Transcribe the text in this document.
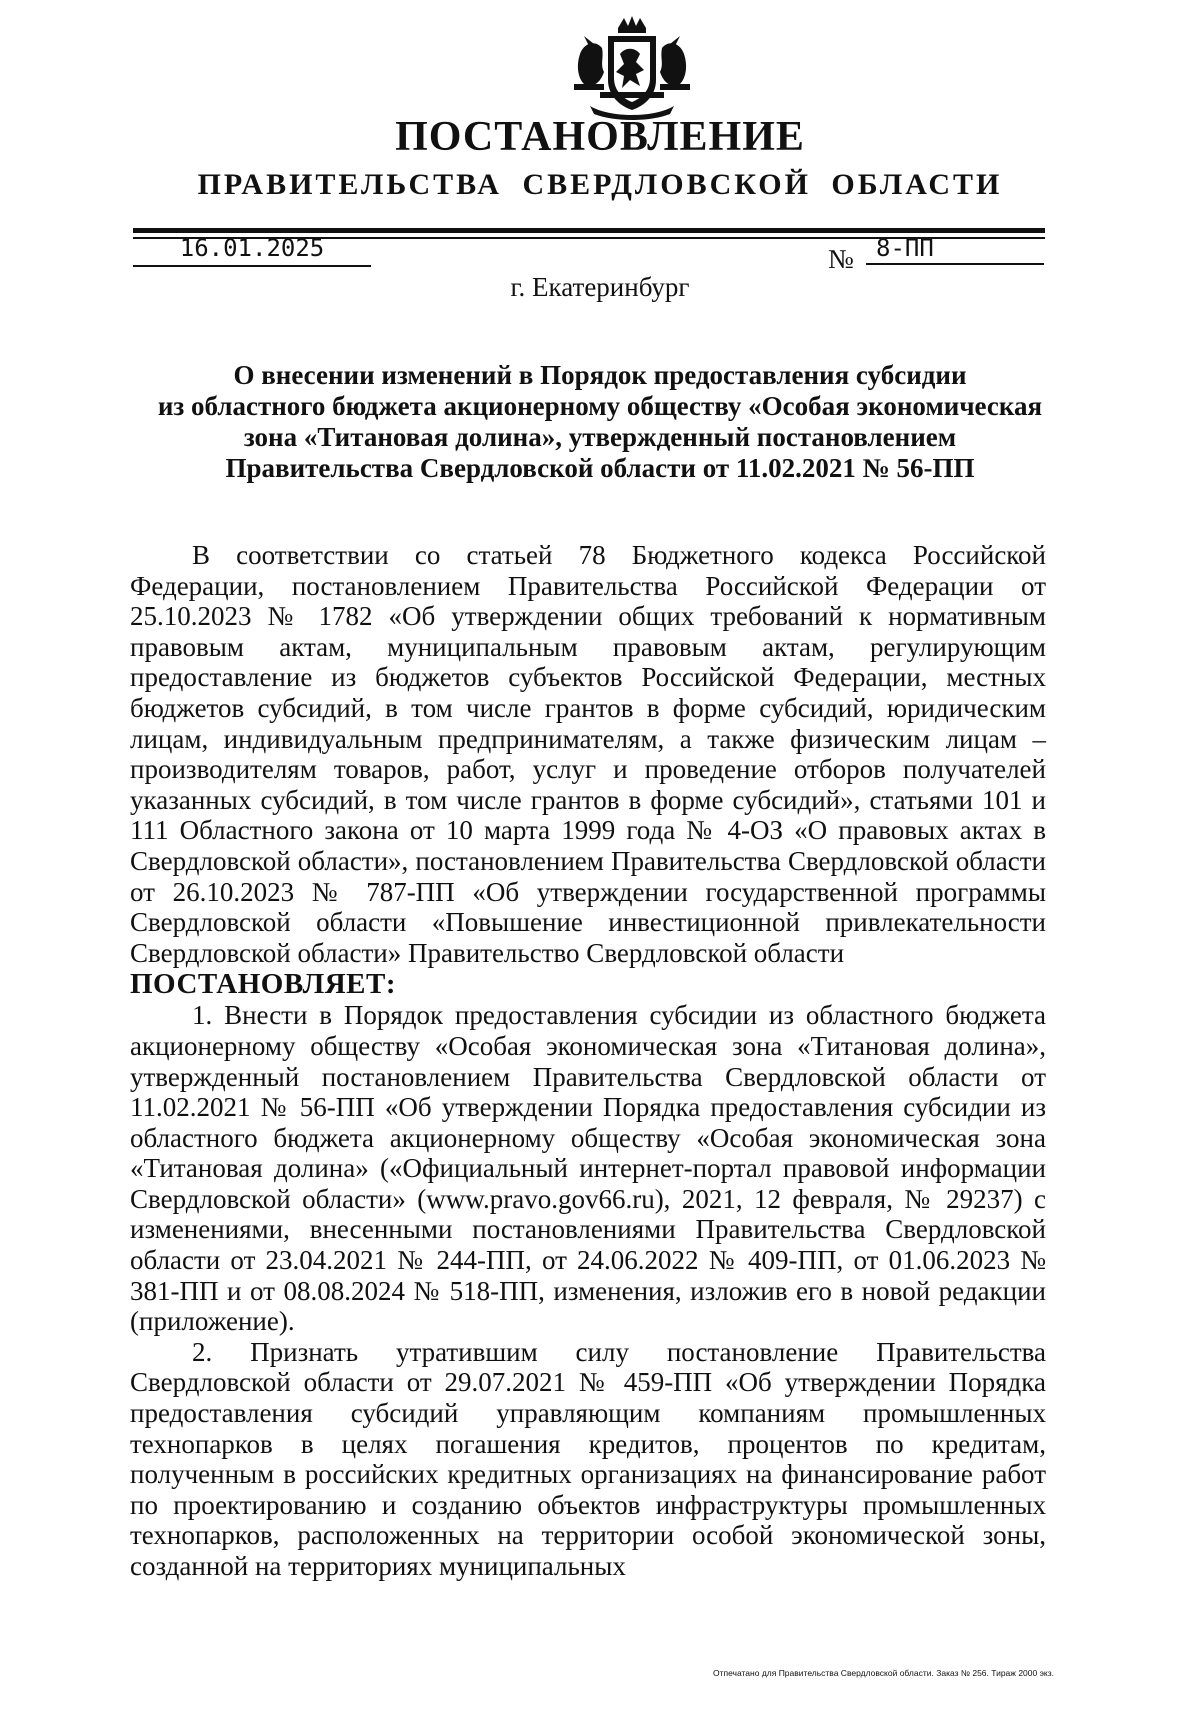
ПОСТАНОВЛЕНИЕ
ПРАВИТЕЛЬСТВА СВЕРДЛОВСКОЙ ОБЛАСТИ
16.01.2025	№ 8-ПП
г. Екатеринбург
О внесении изменений в Порядок предоставления субсидии
из областного бюджета акционерному обществу «Особая экономическая
зона «Титановая долина», утвержденный постановлением
Правительства Свердловской области от 11.02.2021 № 56-ПП
В соответствии со статьей 78 Бюджетного кодекса Российской Федерации, постановлением Правительства Российской Федерации от 25.10.2023 № 1782 «Об утверждении общих требований к нормативным правовым актам, муниципальным правовым актам, регулирующим предоставление из бюджетов субъектов Российской Федерации, местных бюджетов субсидий, в том числе грантов в форме субсидий, юридическим лицам, индивидуальным предпринимателям, а также физическим лицам – производителям товаров, работ, услуг и проведение отборов получателей указанных субсидий, в том числе грантов в форме субсидий», статьями 101 и 111 Областного закона от 10 марта 1999 года № 4-ОЗ «О правовых актах в Свердловской области», постановлением Правительства Свердловской области от 26.10.2023 № 787-ПП «Об утверждении государственной программы Свердловской области «Повышение инвестиционной привлекательности Свердловской области» Правительство Свердловской области
ПОСТАНОВЛЯЕТ:
1. Внести в Порядок предоставления субсидии из областного бюджета акционерному обществу «Особая экономическая зона «Титановая долина», утвержденный постановлением Правительства Свердловской области от 11.02.2021 № 56-ПП «Об утверждении Порядка предоставления субсидии из областного бюджета акционерному обществу «Особая экономическая зона «Титановая долина» («Официальный интернет-портал правовой информации Свердловской области» (www.pravo.gov66.ru), 2021, 12 февраля, № 29237) с изменениями, внесенными постановлениями Правительства Свердловской области от 23.04.2021 № 244-ПП, от 24.06.2022 № 409-ПП, от 01.06.2023 № 381-ПП и от 08.08.2024 № 518-ПП, изменения, изложив его в новой редакции (приложение).
2. Признать утратившим силу постановление Правительства Свердловской области от 29.07.2021 № 459-ПП «Об утверждении Порядка предоставления субсидий управляющим компаниям промышленных технопарков в целях погашения кредитов, процентов по кредитам, полученным в российских кредитных организациях на финансирование работ по проектированию и созданию объектов инфраструктуры промышленных технопарков, расположенных на территории особой экономической зоны, созданной на территориях муниципальных
Отпечатано для Правительства Свердловской области. Заказ № 256. Тираж 2000 экз.
